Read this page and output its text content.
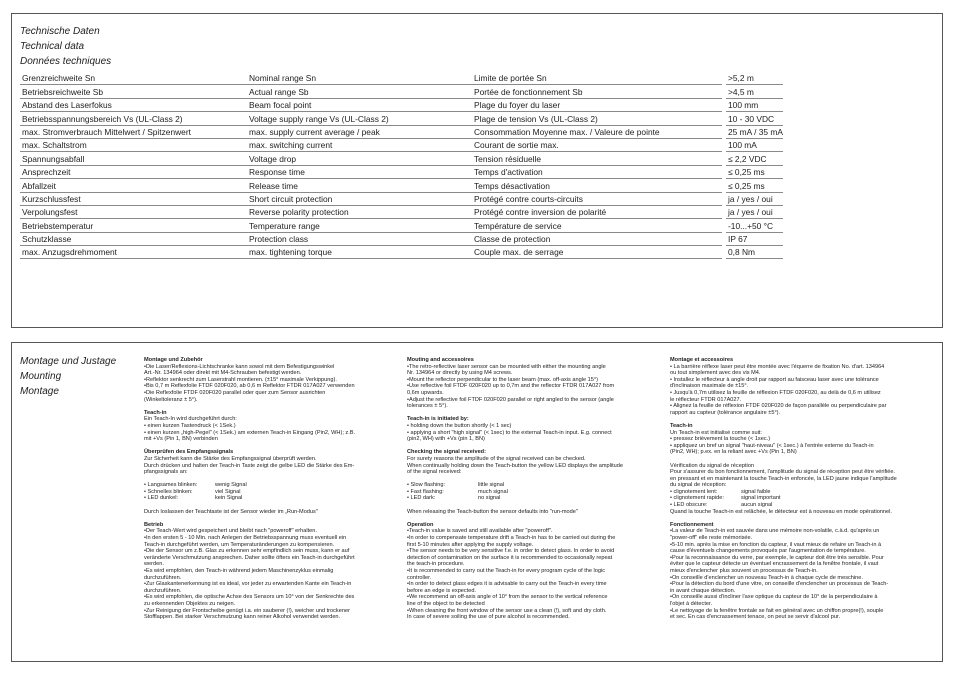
Technische Daten
Technical data
Données techniques
Grenzreichweite Sn	Nominal range Sn	Limite de portée Sn		>5,2 m
Betriebsreichweite Sb	Actual range Sb	Portée de fonctionnement Sb		>4,5 m
Abstand des Laserfokus	Beam focal point	Plage du foyer du laser		100 mm
Betriebsspannungsbereich Vs (UL-Class 2)	Voltage supply range Vs (UL-Class 2)	Plage de tension Vs (UL-Class 2)		10 - 30 VDC
max. Stromverbrauch Mittelwert / Spitzenwert	max. supply current average / peak	Consommation Moyenne max. / Valeure de pointe		25 mA / 35 mA
max. Schaltstrom	max. switching current	Courant de sortie max.		100 mA
Spannungsabfall	Voltage drop	Tension résiduelle		≤ 2,2 VDC
Ansprechzeit	Response time	Temps d'activation		≤ 0,25 ms
Abfallzeit	Release time	Temps désactivation		≤ 0,25 ms
Kurzschlussfest	Short circuit protection	Protégé contre courts-circuits		ja / yes / oui
Verpolungsfest	Reverse polarity protection	Protégé contre inversion de polarité		ja / yes / oui
Betriebstemperatur	Temperature range	Température de service		-10...+50 °C
Schutzklasse	Protection class	Classe de protection		IP 67
max. Anzugsdrehmoment	max. tightening torque	Couple max. de serrage		0,8 Nm
Montage und Justage
Mounting
Montage
Montage und Zubehör
•Die Laser/Reflexions-Lichtschranke kann sowol mit dem Befestigungswinkel
Art.-Nr. 134964 oder direkt mit M4-Schrauben befestigt werden.
•Reflektor senkrecht zum Laserstrahl montieren. (±15° maximale Verkippung).
•Bis 0,7 m Reflexfolie FTDF 020F020, ab 0,6 m Reflektor FTDR 017A027 verwenden
•Die Reflexfolie FTDF 020F020 parallel oder quer zum Sensor ausrichten
(Winkeltoleranz ± 5°).
Teach-in
Ein Teach-In wird durchgeführt durch:
• einen kurzen Tastendruck (< 1Sek.)
• einen kurzen „high-Pegel" (< 1Sek.) am externen Teach-in Eingang (Pin2, WH); z.B.
mit +Vs (Pin 1, BN) verbinden
Überprüfen des Empfangssignals
Zur Sicherheit kann die Stärke des Empfangssignal überprüft werden.
Durch drücken und halten der Teach-in Taste zeigt die gelbe LED die Stärke des Em-
pfangssignals an:
• Langsames blinken:	wenig Signal
• Schnelles blinken:	viel Signal
• LED dunkel:	kein Signal
Durch loslassen der Teachtaste ist der Sensor wieder im „Run-Modus"
Betrieb
•Der Teach-Wert wird gespeichert und bleibt nach "poweroff" erhalten.
•In den ersten 5 - 10 Min. nach Anlegen der Betriebsspannung muss eventuell ein
Teach-in durchgeführt werden, um Temperaturänderungen zu kompensieren.
•Die der Sensor um z.B. Glas zu erkennen sehr empfindlich sein muss, kann er auf
veränderte Verschmutzung ansprechen. Daher sollte öfters ein Teach-in durchgeführt
werden.
•Es wird empfohlen, den Teach-in während jedem Maschinenzyklus einmalig
durchzuführen.
•Zur Glaskantenerkennung ist es ideal, vor jeder zu erwartenden Kante ein Teach-in
durchzuführen.
•Es wird empfohlen, die optische Achse des Sensors um 10° von der Senkrechte des
zu erkennenden Objektes zu neigen.
•Zur Reinigung der Frontscheibe genügt i.a. ein sauberer (!), weicher und trockener
Stofflappen. Bei starker Verschmutzung kann reiner Alkohol verwendet werden.
Mouting and accessoires
•The retro-reflective laser sensor can be mounted with either the mounting angle
Nr. 134964 or directly by using M4 screws.
•Mount the reflector perpendicular to the laser beam (max. off-axis angle 15°)
•Use reflective foil FTDF 020F020 up to 0,7m and the reflector FTDR 017A027 from
0,6m upwards.
•Adjust the reflective foil FTDF 020F020 parallel or right angled to the sensor (angle
tolerances ± 5°).
Teach-in is initiated by:
• holding down the button shortly (< 1 sec)
• applying a short "high signal" (< 1sec) to the external Teach-in input. E.g. connect
(pin2, WH) with +Vs (pin 1, BN)
Checking the signal received:
For surety reasons the amplitude of the signal received can be checked.
When continually holding down the Teach-button the yellow LED displays the amplitude
of the signal received:
• Slow flashing:	little signal
• Fast flashing:	much signal
• LED dark:	no signal
When releasing the Teach-button the sensor defaults into "run-mode"
Operation
•Teach-in value is saved and still available after "poweroff".
•In order to compensate temperature drift a Teach-in has to be carried out during the
first 5-10 minutes after applying the supply voltage.
•The sensor needs to be very sensitive f.e. in order to detect glass. In order to avoid
detection of contamination on the surface it is recommended to occasionally repeat
the teach-in procedure.
•It is recommended to carry out the Teach-in for every program cycle of the logic
controller.
•In order to detect glass edges it is advisable to carry out the Teach-in every time
before an edge is expected.
•We recommend an off-axis angle of 10° from the sensor to the vertical reference
line of the object to be detected
•When cleaning the front window of the sensor use a clean (!), soft and dry cloth.
In case of severe soiling the use of pure alcohol is recommended.
Montage et accessoires
• La barrière réflexe laser peut être montée avec l'équerre de fixation No. d'art. 134964
ou tout simplement avec des vis M4.
• Installez le réflecteur à angle droit par rapport au faisceau laser avec une tolérance
d'inclinaison maximale de ±15°.
• Jusqu'à 0,7m utilisez la feuille de réflexion FTDF 020F020, au delà de 0,6 m utilisez
le réflecteur FTDR 017A027.
• Alignez la feuille de réflexion FTDF 020F020 de façon parallèle ou perpendiculaire par
rapport au capteur (tolérance angulaire ±5°).
Teach-in
Un Teach-in est initialisé comme suit:
• pressez brièvement la touche (< 1sec.)
• appliquez un bref un signal "haut-niveau" (< 1sec.) à l'entrée externe du Teach-in
(Pin2, WH); p.ex. en la reliant avec +Vs (Pin 1, BN)
Vérification du signal de réception
Pour s'assurer du bon fonctionnement, l'amplitude du signal de réception peut être vérifiée.
en pressant et en maintenant la touche Teach-in enfoncée, la LED jaune indique l'amplitude
du signal de réception:
• clignotement lent:	signal faible
• clignotement rapide:	signal important
• LED obscure:	aucun signal
Quand la touche Teach-in est relâchée, le détecteur est à nouveau en mode opérationnel.
Fonctionnement
•La valeur de Teach-in est sauvée dans une mémoire non-volatile, c.à.d. qu'après un
"power-off" elle reste mémorisée.
•5-10 min. après la mise en fonction du capteur, il vaut mieux de refaire un Teach-in à
cause d'éventuels changements provoqués par l'augmentation de température.
•Pour la reconnaissance du verre, par exemple, le capteur doit être très sensible. Pour
éviter que le capteur détecte un éventuel encrassement de la fenêtre frontale, il vaut
mieux d'enclencher plus souvent un processus de Teach-in.
•On conseille d'enclencher un nouveau Teach-in à chaque cycle de meschine.
•Pour la détection du bord d'une vitre, on conseille d'enclencher un processus de Teach-
in avant chaque détection.
•On conseille aussi d'incliner l'axe optique du capteur de 10° de la perpendiculaire à
l'objet à détecter.
•Le nettoyage de la fenêtre frontale se fait en général avec un chiffon propre(!), souple
et sec. En cas d'encrassement tenace, on peut se servir d'alcool pur.
